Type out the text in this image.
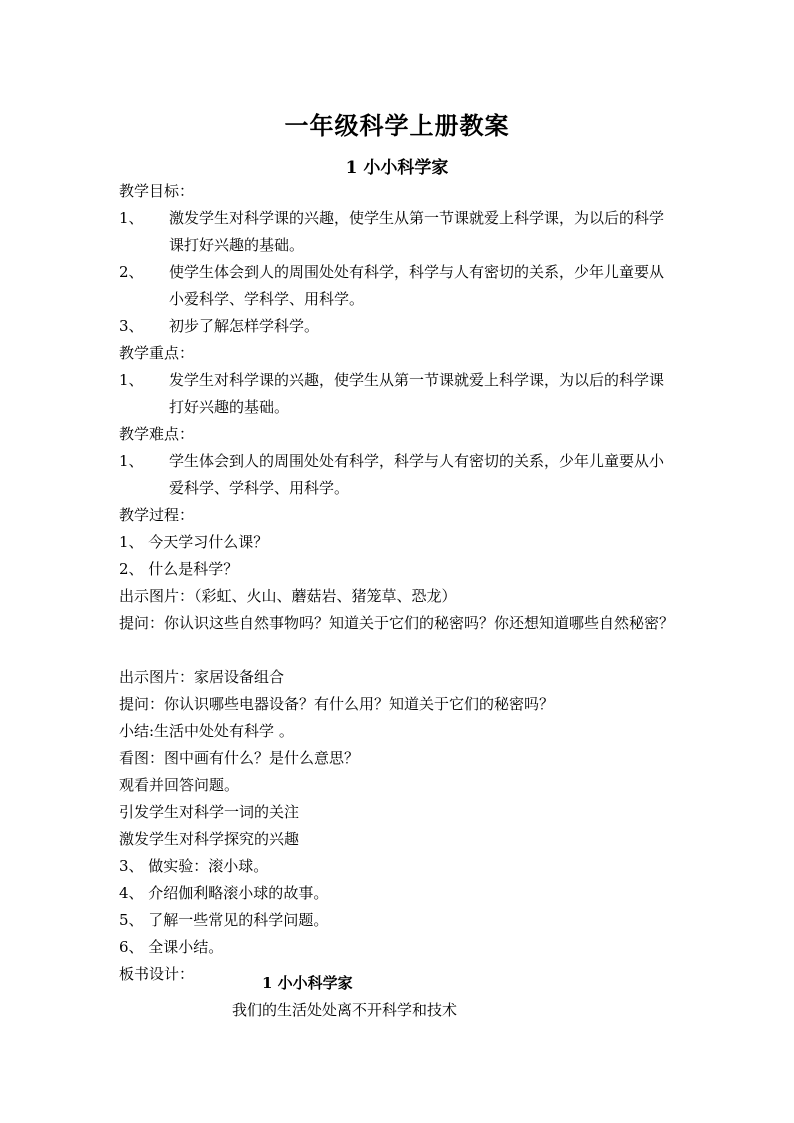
一年级科学上册教案
1 小小科学家
教学目标：
1、	激发学生对科学课的兴趣，使学生从第一节课就爱上科学课，为以后的科学课打好兴趣的基础。
2、	使学生体会到人的周围处处有科学，科学与人有密切的关系，少年儿童要从小爱科学、学科学、用科学。
3、	初步了解怎样学科学。
教学重点：
1、	发学生对科学课的兴趣，使学生从第一节课就爱上科学课，为以后的科学课打好兴趣的基础。
教学难点：
1、	学生体会到人的周围处处有科学，科学与人有密切的关系，少年儿童要从小爱科学、学科学、用科学。
教学过程：
1、 今天学习什么课？
2、 什么是科学？
出示图片：（彩虹、火山、蘑菇岩、猪笼草、恐龙）
提问：你认识这些自然事物吗？知道关于它们的秘密吗？你还想知道哪些自然秘密？
出示图片：家居设备组合
提问：你认识哪些电器设备？有什么用？知道关于它们的秘密吗？
小结:生活中处处有科学 。
看图：图中画有什么？是什么意思？
观看并回答问题。
引发学生对科学一词的关注
激发学生对科学探究的兴趣
3、 做实验：滚小球。
4、 介绍伽利略滚小球的故事。
5、 了解一些常见的科学问题。
6、 全课小结。
板书设计：	1 小小科学家
我们的生活处处离不开科学和技术
